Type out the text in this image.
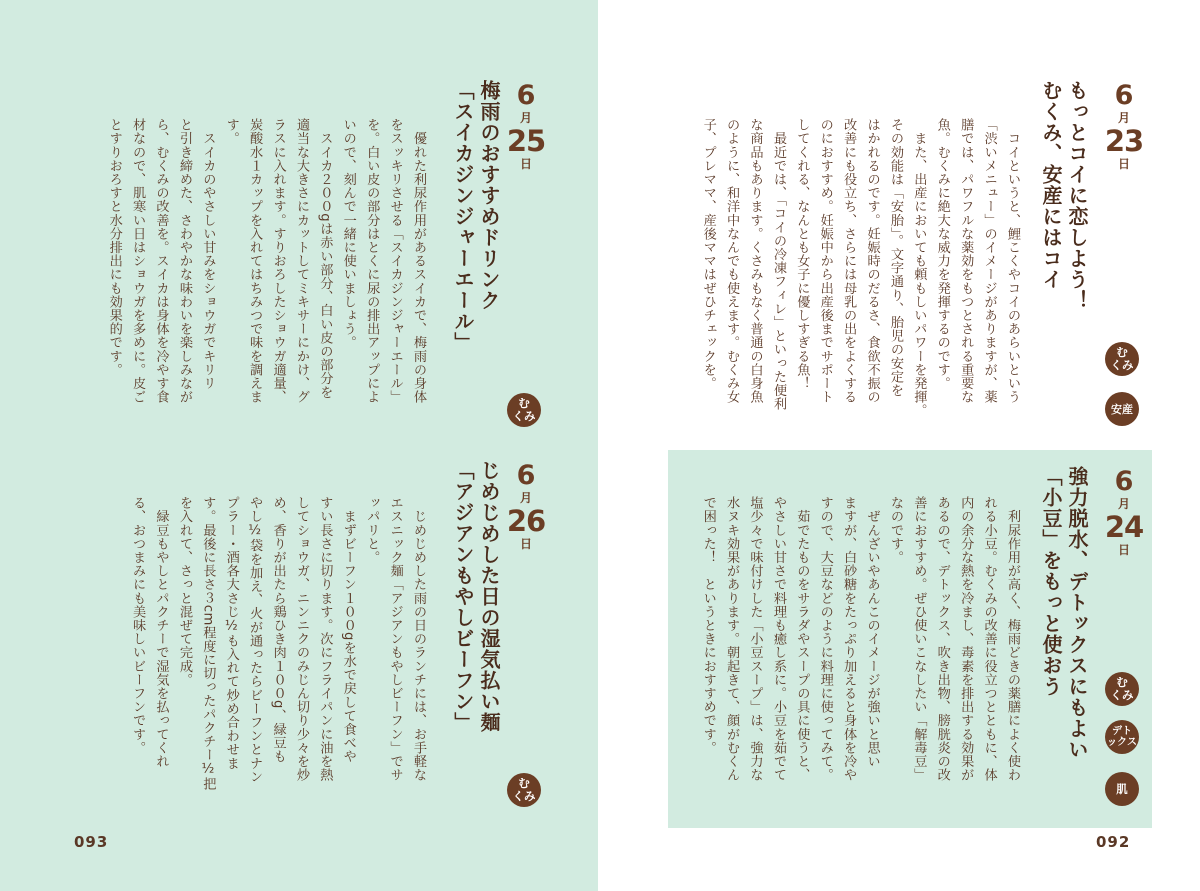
6
月
25
日
梅雨のおすすめドリンク
「スイカジンジャーエール」
む
くみ
　優れた利尿作用があるスイカで、梅雨の身体
をスッキリさせる「スイカジンジャーエール」
を。白い皮の部分はとくに尿の排出アップによ
いので、刻んで一緒に使いましょう。
　スイカ２００gは赤い部分、白い皮の部分を
適当な大きさにカットしてミキサーにかけ、グ
ラスに入れます。すりおろしたショウガ適量、
炭酸水１カップを入れてはちみつで味を調えま
す。
　スイカのやさしい甘みをショウガでキリリ
と引き締めた、さわやかな味わいを楽しみなが
ら、むくみの改善を。スイカは身体を冷やす食
材なので、肌寒い日はショウガを多めに。皮ご
とすりおろすと水分排出にも効果的です。
6
月
26
日
じめじめした日の湿気払い麺
「アジアンもやしビーフン」
む
くみ
　じめじめした雨の日のランチには、お手軽な
エスニック麺「アジアンもやしビーフン」でサ
ッパリと。
　まずビーフン１００gを水で戻して食べや
すい長さに切ります。次にフライパンに油を熱
してショウガ、ニンニクのみじん切り少々を炒
め、香りが出たら鶏ひき肉１００g、緑豆も
やし½袋を加え、火が通ったらビーフンとナン
プラー・酒各大さじ½も入れて炒め合わせま
す。最後に長さ３cm程度に切ったパクチー½把
を入れて、さっと混ぜて完成。
　緑豆もやしとパクチーで湿気を払ってくれ
る、おつまみにも美味しいビーフンです。
093
6
月
23
日
もっとコイに恋しよう！
むくみ、安産にはコイ
む
くみ
安産
　コイというと、鯉こくやコイのあらいという
「渋いメニュー」のイメージがありますが、薬
膳では、パワフルな薬効をもつとされる重要な
魚。むくみに絶大な威力を発揮するのです。
　また、出産においても頼もしいパワーを発揮。
その効能は「安胎」。文字通り、胎児の安定を
はかれるのです。妊娠時のだるさ、食欲不振の
改善にも役立ち、さらには母乳の出をよくする
のにおすすめ。妊娠中から出産後までサポート
してくれる、なんとも女子に優しすぎる魚！
　最近では、「コイの冷凍フィレ」といった便利
な商品もあります。くさみもなく普通の白身魚
のように、和洋中なんでも使えます。むくみ女
子、プレママ、産後ママはぜひチェックを。
6
月
24
日
強力脱水、デトックスにもよい
「小豆」をもっと使おう	む
くみ
デト
ックス
肌
　利尿作用が高く、梅雨どきの薬膳によく使わ
れる小豆。むくみの改善に役立つとともに、体
内の余分な熱を冷まし、毒素を排出する効果が
あるので、デトックス、吹き出物、膀胱炎の改
善におすすめ。ぜひ使いこなしたい「解毒豆」
なのです。
　ぜんざいやあんこのイメージが強いと思い
ますが、白砂糖をたっぷり加えると身体を冷や
すので、大豆などのように料理に使ってみて。
　茹でたものをサラダやスープの具に使うと、
やさしい甘さで料理も癒し系に。小豆を茹でて
塩少々で味付けした「小豆スープ」は、強力な
水ヌキ効果があります。朝起きて、顔がむくん
で困った！　というときにおすすめです。
092
